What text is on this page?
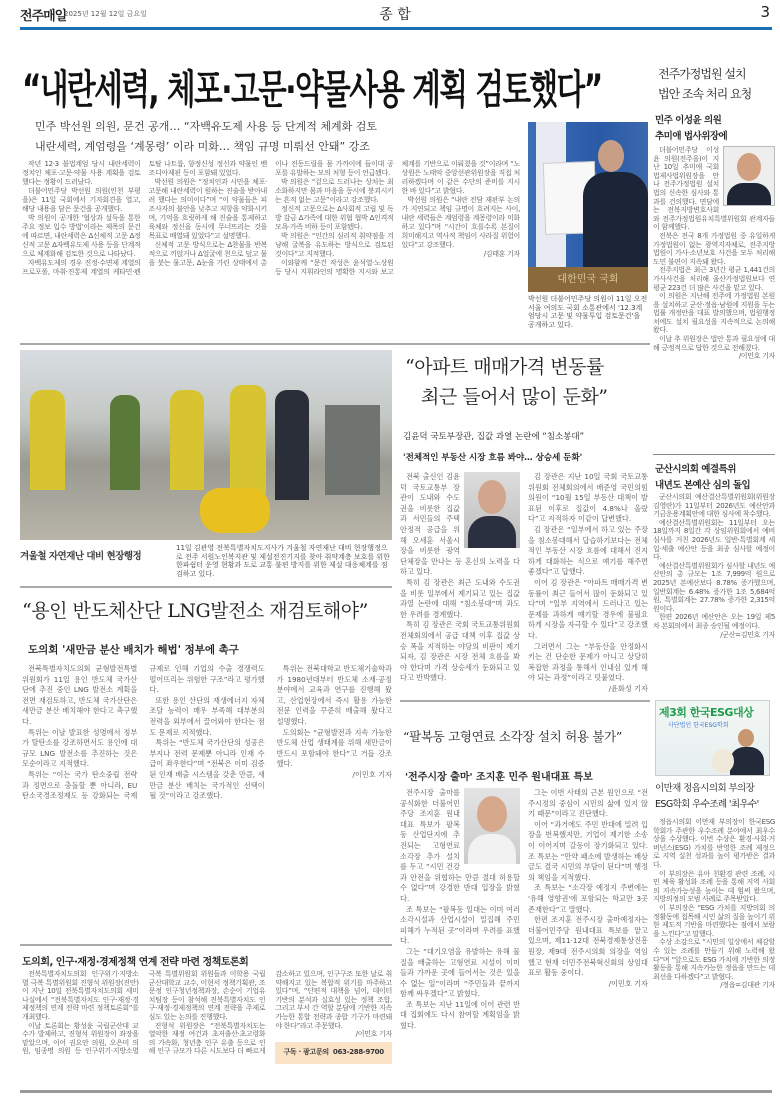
전주매일
2025년 12월 12일 금요일	종 합	3
“내란세력, 체포·고문·약물사용 계획 검토했다”
민주 박선원 의원, 문건 공개… “자백유도제 사용 등 단계적 체계화 검토
내란세력, 계엄령을 ‘계몽령’ 이라 미화… 책임 규명 미뤄선 안돼” 강조
대한민국 국회
박선원 더불어민주당 의원이 11일 오전 서울 여의도 국회 소통관에서 '12.3계엄당시 고문 및 약물투입 검토문건'을 공개하고 있다.

작년 12·3 불법계엄 당시 내란세력이 정치인 체포·고문·약물 사용 계획을 검토했다는 정황이 드러났다.

더불어민주당 박선원 의원(인천 부평을)은 11일 국회에서 기자회견을 열고, 해당 내용을 담은 문건을 공개했다.

박 의원이 공개한 '협상과 설득을 통한 주요 정보 입수 방법'이라는 제목의 문건에 따르면, 내란세력은 Δ신체적 고문 Δ정신적 고문 Δ자백유도제 사용 등을 단계적으로 체계화해 검토한 것으로 나타났다.

자백유도제의 경우 진정·수면제 계열의 프로포폴, 마취·진통제 계열의 케타민·펜토탈 나트륨, 향정신성 정신과 약물인 벤조디아제핀 등이 포함돼 있었다.

박선원 의원은 “정치인과 시민을 체포·고문해 내란세력이 원하는 진술을 받아내려 했다는 의미이다”며 “이 약물들은 피조사자의 불안을 낮추고 저항을 약화시키며, 기억을 흐릿하게 해 진술을 통제하고 육체와 정신을 동시에 무너뜨리는 것을 목표로 배열돼 있었다”고 설명했다.

신체적 고문 방식으로는 Δ찬물을 반복적으로 끼얹거나 Δ얼굴에 천으로 덮고 물을 붓는 물고문, Δ눈을 가린 상태에서 총이나 전동드릴을 몸 가까이에 들이대 공포를 유발하는 모의 처형 등이 언급됐다.

박 의원은 “겉으로 드러나는 상처는 최소화하지만 몸과 마음을 동시에 붕괴시키는 흔적 없는 고문”이라고 강조했다.

정신적 고문으로는 Δ사회적 고립 및 독방 감금 Δ가족에 대한 위협 협박 Δ인격적 모욕·가족 비하 등이 포함됐다.

박 의원은 “인간의 심리적 취약점을 겨냥해 굴복을 유도하는 방식으로 검토된 것이다”고 지적했다.

이와함께 “문건 작성은 윤석열·노상원 등 당시 지휘라인의 명확한 지시와 보고 체계를 기반으로 이뤄졌을 것”이라며 “노상원은 노태악 중앙선관위원장을 직접 처리하겠다며 이 같은 수단의 준비를 지시한 바 있다”고 밝혔다.

박선원 의원은 “내란 전담 재판부 논의가 지연되고 책임 규명이 흐려지는 사이, 내란 세력들은 계엄령을 계몽령이라 미화하고 있다”며 “시간이 흐를수록 본질이 희미해지고 역사적 책임이 사라질 위험이 있다”고 강조했다.

/김태훈 기자

겨울철 자연재난 대비 현장행정
11일 김관영 전북특별자치도지사가 겨울철 자연재난 대비 현장행정으로 전주 서원노인복지관 및 제설전진기지를 찾아 취약계층 보호를 위한 한파쉼터 운영 현황과 도로 교통 불편 방지를 위한 제설 대응체계를 점검하고 있다.
“용인 반도체산단 LNG발전소 재검토해야”
도의회 '새만금 분산 배치가 해법' 정부에 촉구

전북특별자치도의회 균형발전특별위원회가 11일 용인 반도체 국가산단에 추진 중인 LNG 발전소 계획을 전면 재검토하고, 반도체 국가산단은 새만금 분산 배치해야 한다고 촉구했다.

특위는 이날 발표한 성명에서 정부가 탈탄소를 강조하면서도 용인에 대규모 LNG 발전소를 추진하는 것은 모순이라고 지적했다.

특위는 “이는 국가 탄소중립 전략과 정면으로 충돌할 뿐 아니라, EU 탄소국경조정제도 등 강화되는 국제 규제로 인해 기업의 수출 경쟁력도 떨어뜨리는 위험한 구조”라고 평가했다.

또한 용인 산단의 재생에너지 자체 조달 능력이 매우 부족해 대부분의 전력을 외부에서 끌어와야 한다는 점도 문제로 지적했다.

특위는 “반도체 국가산단의 성공은 부지나 전력 문제뿐 아니라 인재 수급이 좌우한다”며 “전북은 이미 검증된 인재 배출 시스템을 갖춘 만큼, 새만금 분산 배치는 국가적인 선택이 될 것”이라고 강조했다.

특위는 전북대학교 반도체기술학과가 1980년대부터 반도체 소재·공정 분야에서 교육과 연구를 진행해 왔고, 산업현장에서 즉시 활용 가능한 전문 인력을 꾸준히 배출해 왔다고 설명했다.

도의회는 “균형발전과 지속 가능한 반도체 산업 생태계를 위해 새만금이 반드시 포함돼야 한다”고 거듭 강조했다.

/이민호 기자

도의회, 인구·재정·경제정책 연계 전략 마련 정책토론회

전북특별자치도의회 인구위기·지방소멸 극복 특별위원회 진형석 위원장(진안)이 지난 10일 전북특별자치도의회 세미나실에서 “전북특별자치도 인구·재정·경제정책의 연계 전략 마련 정책토론회”를 개최했다.

이날 토론회는 황성윤 국립군산대 교수가 발제하고, 진형석 위원장이 좌장을 맡았으며, 이어 권요안 의원, 오은미 의원, 임종명 의원 등 인구위기·지방소멸 극복 특별위원회 위원들과 이학용 국립군산대학교 교수, 이현서 정책기획관, 조문정 인구청년정책과장, 손순이 기업유치팀장 등이 참석해 전북특별자치도 인구·재정·경제정책의 연계 전략을 주제로 심도 있는 논의를 진행했다.

진형석 위원장은 “전북특별자치도는 열악한 재정 여건과 초저출산·초고령화의 가속화, 청년층 인구 유출 등으로 인해 인구 규모가 다른 시도보다 더 빠르게 감소하고 있으며, 인구구조 또한 날로 취약해지고 있는 복합적 위기를 마주하고 있다”며, “단편적 대책을 넘어, 데이터 기반의 분석과 실효성 있는 정책 조합, 그리고 부서 간 역할 분담에 기반한 지속 가능한 통합 전략과 종합 기구가 마련돼야 한다”라고 주문했다.

/이민호 기자

구독 · 광고문의 063-288-9700
“아파트 매매가격 변동률
최근 들어서 많이 둔화”
김윤덕 국토부장관, 집값 과열 논란에 “침소봉대”
'전체적인 부동산 시장 흐름 봐야… 상승세 둔화'

전북 출신인 김윤덕 국토교통부 장관이 도내와 수도권을 비롯한 집값과 서민들의 주택 안정적 공급을 위해 오세훈 서울시장을 비롯한 광역단체장을 만나는 등 혼신의 노력을 다하고 있다.

특히 김 장관은 최근 도내와 수도권을 비롯 일부에서 제기되고 있는 집값 과열 논란에 대해 “침소봉대”며 과도한 우려를 경계했다.

특히 김 장관은 국회 국토교통위원회 전체회의에서 공급 대책 이후 집값 상승 폭을 지적하는 야당의 비판이 제기되자, 김 장관은 시장 전체 흐름을 봐야 한다며 가격 상승세가 둔화되고 있다고 반박했다.

김 장관은 지난 10일 국회 국토교통위원회 전체회의에서 배준영 국민의힘 의원이 “10월 15일 부동산 대책이 발표된 이후로 집값이 4.8%나 올랐다”고 지적하자 이같이 답변했다.

김 장관은 “일부에서 하고 있는 주장을 침소봉대해서 답습하기보다는 전체적인 부동산 시장 흐름에 대해서 진지하게 대화하는 식으로 얘기를 해주면 좋겠다”고 답했다.

이어 김 장관은 “아파트 매매가격 변동률이 최근 들어서 많이 둔화되고 있다”며 “일부 지역에서 드러나고 있는 문제를 과하게 얘기할 경우에 불필요하게 시장을 자극할 수 있다”고 강조했다.

그러면서 그는 “부동산을 안정화시키는 건 단순한 문제가 아니고 상당히 복잡한 과정을 통해서 인내심 있게 해야 되는 과정”이라고 덧붙였다.

/윤화성 기자

“팔복동 고형연료 소각장 설치 허용 불가”
'전주시장 출마' 조지훈 민주 원내대표 특보

전주시장 출마를 공식화한 더불어민주당 조지훈 원내대표 특보가 팔복동 산업단지에 추진되는 고형연료 소각장 추가 설치를 두고 “시민 건강과 안전을 위협하는 만큼 절대 허용할 수 없다”며 강경한 반대 입장을 밝혔다.

조 특보는 “팔복동 일대는 이미 여러 소각시설과 산업시설이 밀집해 주민 피해가 누적된 곳”이라며 우려를 표했다.

그는 “대기오염을 유발하는 유해 물질을 배출하는 고형연료 시설이 이미 들과 가까운 곳에 들어서는 것은 있을 수 없는 일”이라며 “주민들과 끝까지 함께 싸우겠다”고 밝혔다.

조 특보는 지난 11일에 이어 관련 반대 집회에도 다시 참여할 계획임을 밝혔다.

그는 이번 사태의 근본 원인으로 “전주시정의 중심이 시민의 삶에 있지 않기 때문”이라고 진단했다.

이어 “과거에도 주민 반대에 밀려 입장을 번복했지만, 기업이 제기한 소송이 이어지며 갈등이 장기화되고 있다. 조 특보는 “만약 패소에 발생하는 배상금도 결국 시민의 부담이 된다”며 행정의 책임을 지적했다.

조 특보는 “소각장 예정지 주변에는 '유해 영향권'에 포함되는 학교만 3곳 존재한다”고 말했다.

한편 조지훈 전주시장 출마예정자는 더불어민주당 원내대표 특보를 맡고 있으며, 제11·12대 전북경제통상진흥원장, 제9대 전주시의회 의장을 역임했고 현재 더민주전북혁신회의 상임대표로 활동 중이다.

/이민호 기자

전주가정법원 설치
법안 조속 처리 요청
민주 이성윤 의원
추미애 법사위장에

더불어민주당 이성윤 의원(전주을)이 지난 10일 추미애 국회 법제사법위원장을 만나 전주가정법원 설치법의 신속한 심사와 통과를 건의했다. 면담에는 전북지방변호사회와 전주가정법원유치특별위원회 관계자들이 함께했다.

전북은 전국 8개 가정법원 중 유일하게 가정법원이 없는 광역지자체로, 전주지방법원이 가사·소년보호 사건을 모두 처리해 도민 불편이 지속돼 왔다.

전주지법은 최근 3년간 평균 1,441건의 가사사건을 처리해 울산가정법원보다 연평균 223건 더 많은 사건을 맡고 있다.

이 의원은 지난해 전주에 가정법원 본원을 설치하고 군산·정읍·남원에 지원을 두는 법률 개정안을 대표 발의했으며, 법원행정처에도 설치 필요성을 지속적으로 논의해 왔다.

이날 추 위원장은 법안 통과 필요성에 대해 긍정적으로 답한 것으로 전해졌다.

/이민호 기자

군산시의회 예결특위
내년도 본예산 심의 돌입

군산시의회 예산결산특별위원회(위원장 김영란)가 11일부터 2026년도 예산안과 기금운용계획안에 대한 심사에 착수했다.

예산결산특별위원회는 11일부터 오는 18일까지 8일간 각 상임위원회에서 예비심사를 거친 2026년도 일반·특별회계 세입·세출 예산안 등을 최종 심사할 예정이다.

예산결산특별위원회가 심사할 내년도 예산안의 총 규모는 1조 7,999억 원으로 2025년 본예산보다 8.78% 증가했으며, 일반회계는 6.48% 증가한 1조 5,684억 원, 특별회계는 27.78% 증가한 2,315억 원이다.

한편 2026년 예산안은 오는 19일 제5차 본회의에서 최종 승인될 예정이다.

/군산=김민호 기자

제3회 한국ESG대상
사단법인 한국ESG학회
이만재 정읍시의회 부의장
ESG학회 우수조례 '최우수'

정읍시의회 이만재 부의장이 한국ESG학회가 주관한 우수조례 분야에서 최우수상을 수상했다. 이번 수상은 환경·사회·거버넌스(ESG) 가치를 반영한 조례 제정으로 지역 실천 성과를 높이 평가받은 결과다.

이 부의장은 유아 친환경 관련 조례, 시민 체육 활성화 조례 등을 통해 지역 사회의 지속가능성을 높이는 데 힘써 왔으며, 지방의정의 모범 사례로 주목받았다.

이 부의장은 “ESG 가치를 지방의회 의정활동에 접목해 시민 삶의 질을 높이기 위한 제도적 기반을 마련했다는 점에서 보람을 느낀다”고 말했다.

수상 소감으로 “시민의 일상에서 체감할 수 있는 조례를 만들기 위해 노력해 왔다”며 “앞으로도 ESG 가치에 기반한 의정 활동을 통해 지속가능한 정읍을 만드는 데 최선을 다하겠다”고 밝혔다.

/정읍=김대관 기자
